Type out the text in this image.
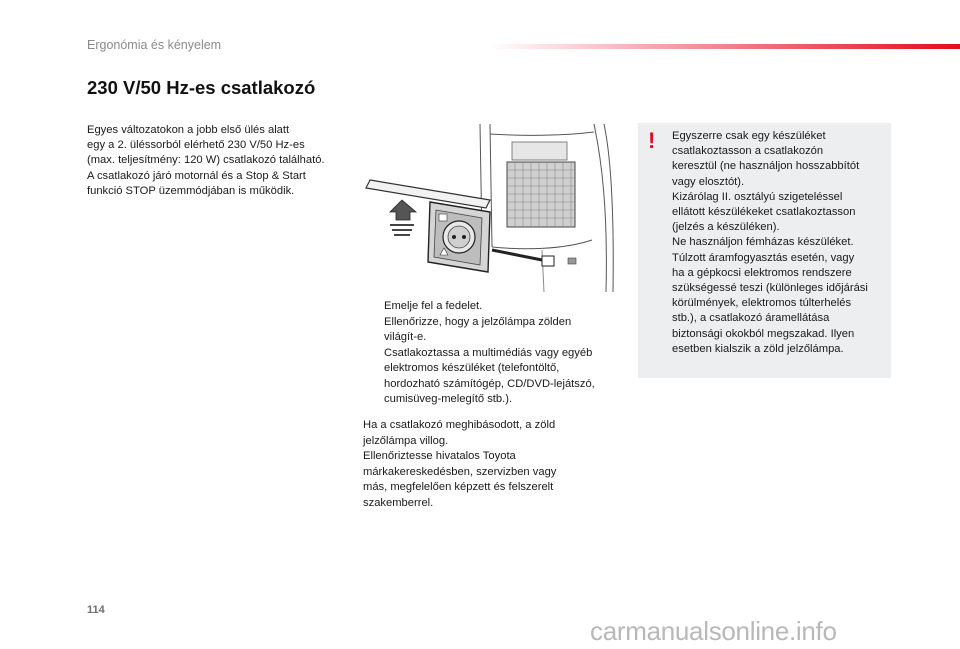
Ergonómia és kényelem
230 V/50 Hz-es csatlakozó
Egyes változatokon a jobb első ülés alatt
egy a 2. üléssorból elérhető 230 V/50 Hz-es
(max. teljesítmény: 120 W) csatlakozó található.
A csatlakozó járó motornál és a Stop & Start
funkció STOP üzemmódjában is működik.
Emelje fel a fedelet.
Ellenőrizze, hogy a jelzőlámpa zölden
világít-e.
Csatlakoztassa a multimédiás vagy egyéb
elektromos készüléket (telefontöltő,
hordozható számítógép, CD/DVD-lejátszó,
cumisüveg-melegítő stb.).
Ha a csatlakozó meghibásodott, a zöld
jelzőlámpa villog.
Ellenőriztesse hivatalos Toyota
márkakereskedésben, szervizben vagy
más, megfelelően képzett és felszerelt
szakemberrel.
! Egyszerre csak egy készüléket
csatlakoztasson a csatlakozón
keresztül (ne használjon hosszabbítót
vagy elosztót).
Kizárólag II. osztályú szigeteléssel
ellátott készülékeket csatlakoztasson
(jelzés a készüléken).
Ne használjon fémházas készüléket.
Túlzott áramfogyasztás esetén, vagy
ha a gépkocsi elektromos rendszere
szükségessé teszi (különleges időjárási
körülmények, elektromos túlterhelés
stb.), a csatlakozó áramellátása
biztonsági okokból megszakad. Ilyen
esetben kialszik a zöld jelzőlámpa.
114
carmanualsonline.info
